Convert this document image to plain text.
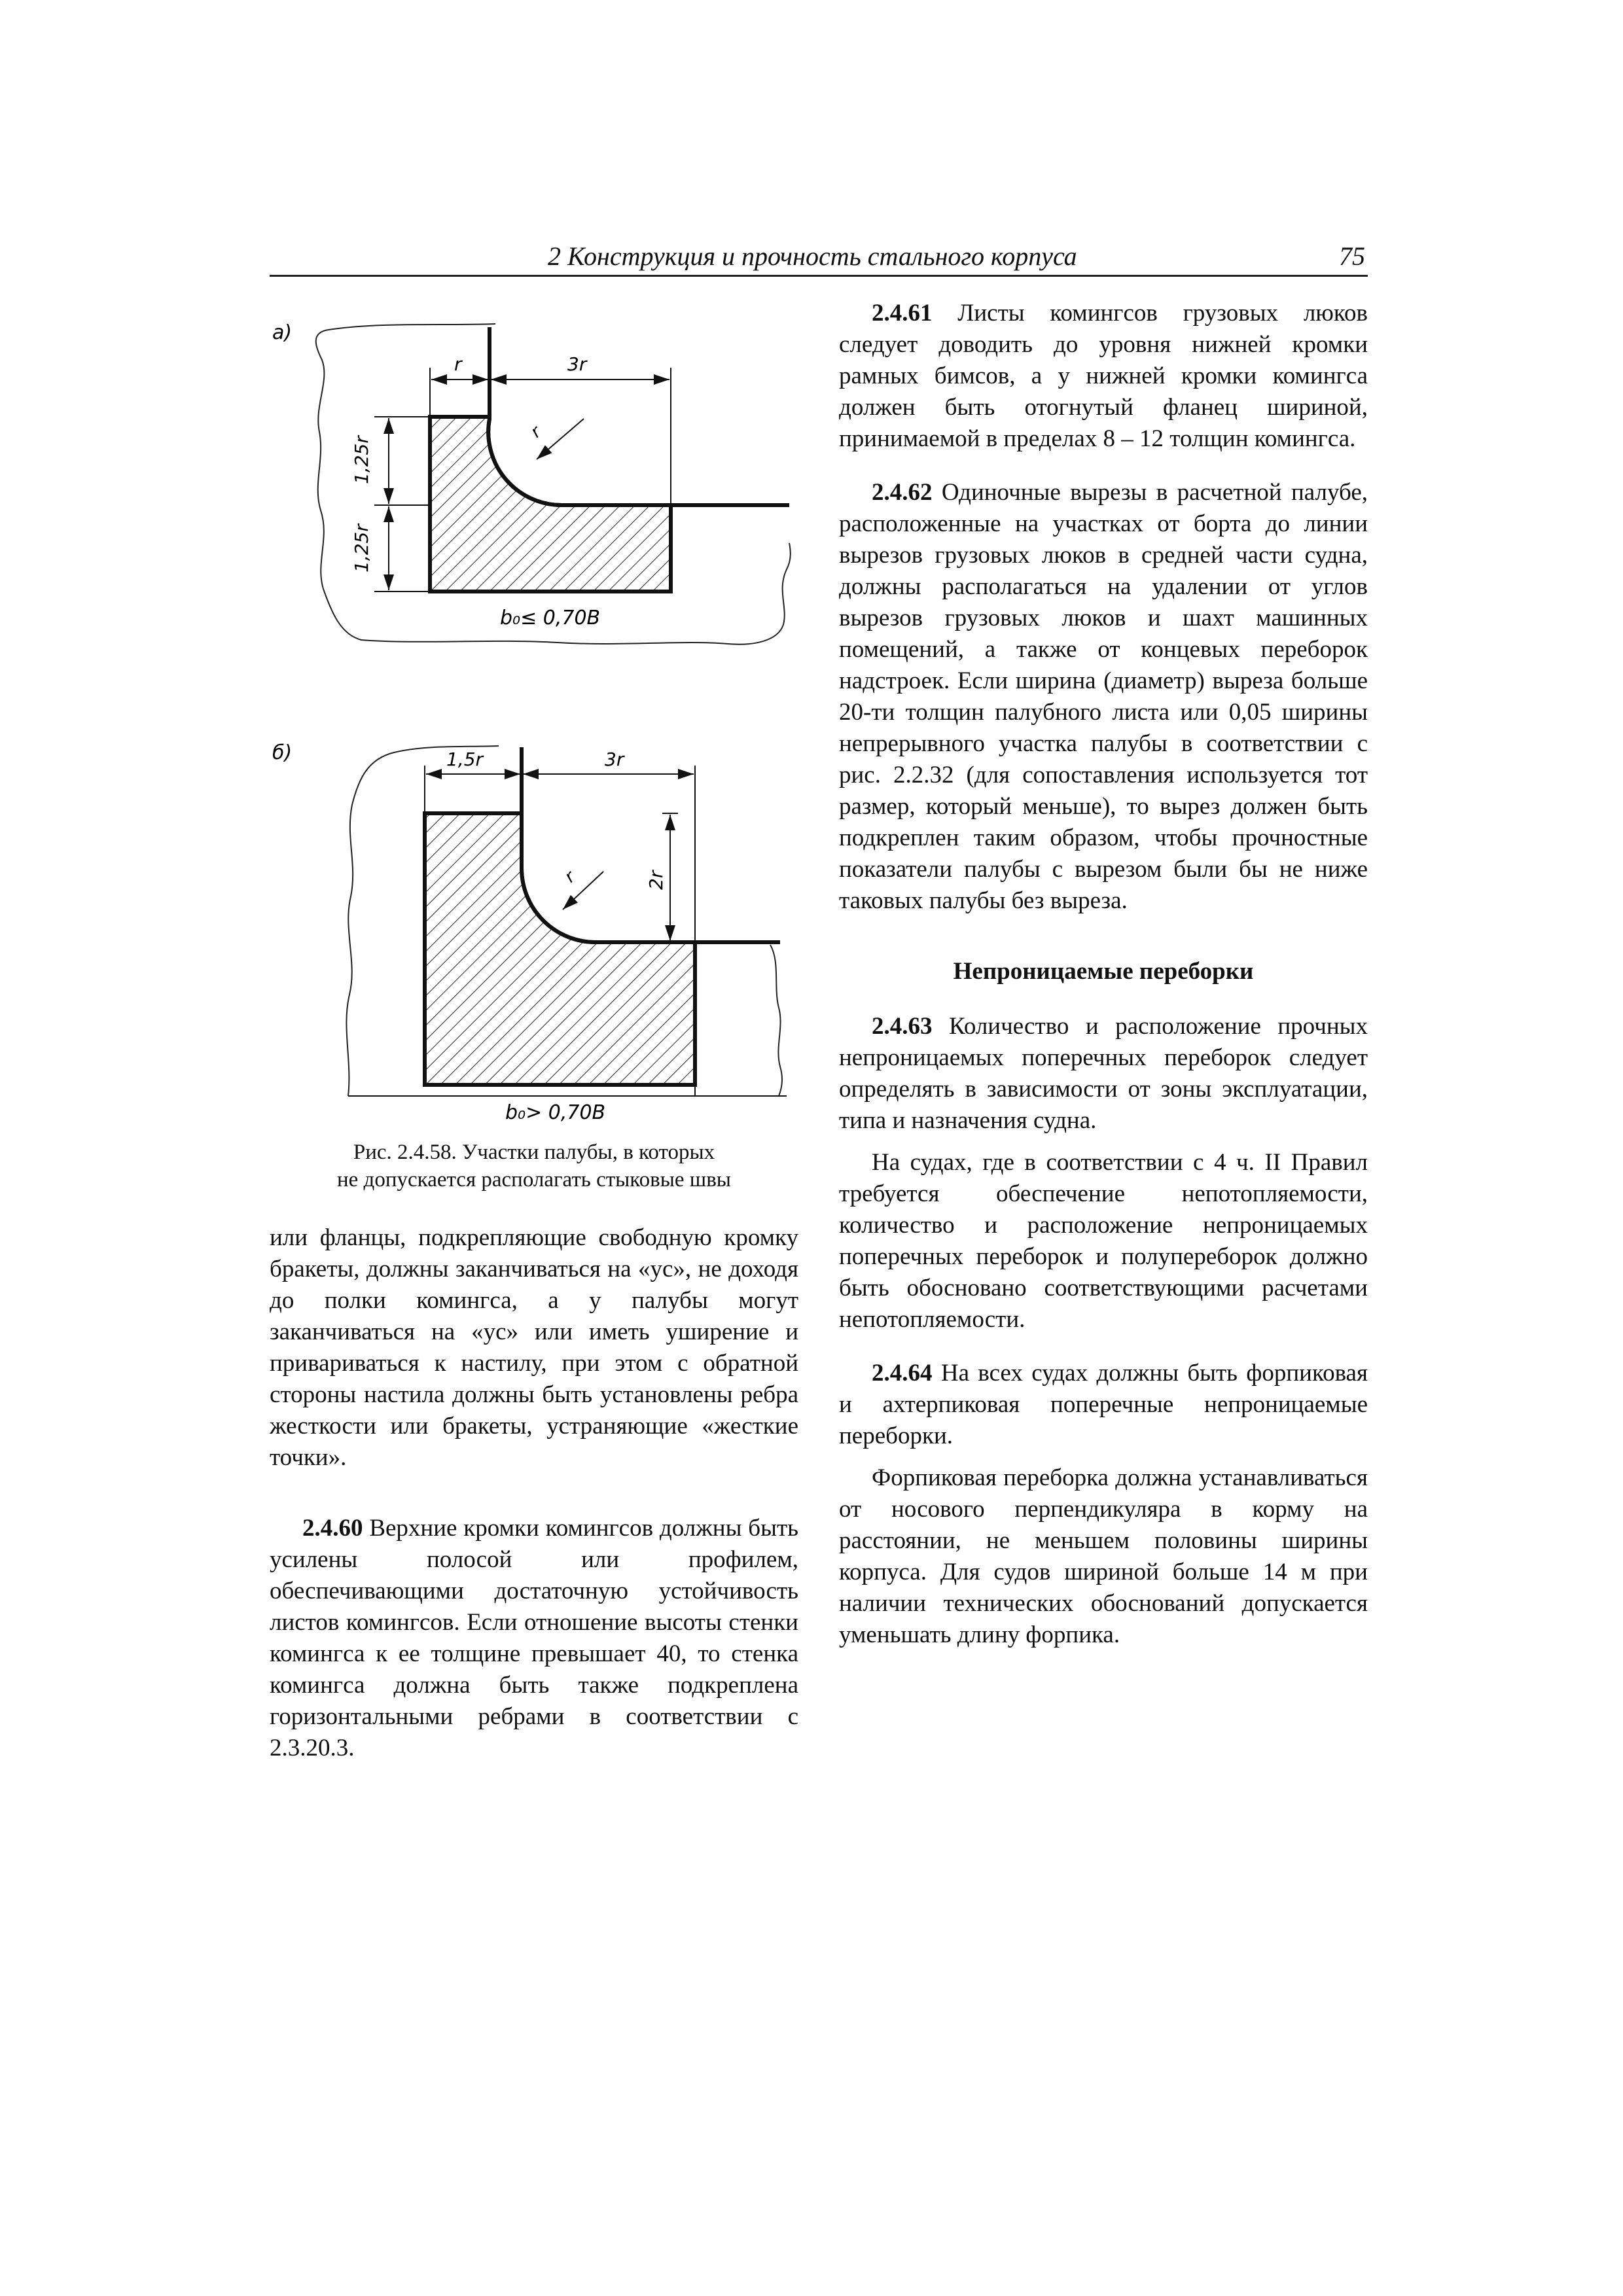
2 Конструкция и прочность стального корпуса	75
а)
r	3r
r
1,25r
1,25r
b₀≤ 0,70B
б)	1,5r	3r
r	2r
b₀> 0,70B
Рис. 2.4.58. Участки палубы, в которых
не допускается располагать стыковые швы

или фланцы, подкрепляющие свободную кромку бракеты, должны заканчиваться на «ус», не доходя до полки комингса, а у палубы могут заканчиваться на «ус» или иметь уширение и привариваться к настилу, при этом с обратной стороны настила должны быть установлены ребра жесткости или бракеты, устраняющие «жесткие точки».

2.4.60 Верхние кромки комингсов должны быть усилены полосой или профилем, обеспечивающими достаточную устойчивость листов комингсов. Если отношение высоты стенки комингса к ее толщине превышает 40, то стенка комингса должна быть также подкреплена горизонтальными ребрами в соответствии с 2.3.20.3.

2.4.61 Листы комингсов грузовых люков следует доводить до уровня нижней кромки рамных бимсов, а у нижней кромки комингса должен быть отогнутый фланец шириной, принимаемой в пределах 8 – 12 толщин комингса.

2.4.62 Одиночные вырезы в расчетной палубе, расположенные на участках от борта до линии вырезов грузовых люков в средней части судна, должны располагаться на удалении от углов вырезов грузовых люков и шахт машинных помещений, а также от концевых переборок надстроек. Если ширина (диаметр) выреза больше 20-ти толщин палубного листа или 0,05 ширины непрерывного участка палубы в соответствии с рис. 2.2.32 (для сопоставления используется тот размер, который меньше), то вырез должен быть подкреплен таким образом, чтобы прочностные показатели палубы с вырезом были бы не ниже таковых палубы без выреза.

Непроницаемые переборки

2.4.63 Количество и расположение прочных непроницаемых поперечных переборок следует определять в зависимости от зоны эксплуатации, типа и назначения судна.

На судах, где в соответствии с 4 ч. II Правил требуется обеспечение непотопляемости, количество и расположение непроницаемых поперечных переборок и полупереборок должно быть обосновано соответствующими расчетами непотопляемости.

2.4.64 На всех судах должны быть форпиковая и ахтерпиковая поперечные непроницаемые переборки.

Форпиковая переборка должна устанавливаться от носового перпендикуляра в корму на расстоянии, не меньшем половины ширины корпуса. Для судов шириной больше 14 м при наличии технических обоснований допускается уменьшать длину форпика.
